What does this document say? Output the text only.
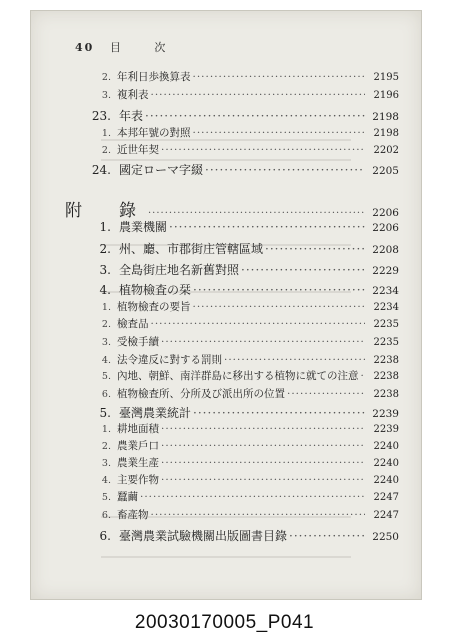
40 目	次
2. 年利日歩換算表 ·····	2195
3. 複利表 ·····	2196
23. 年表 ·····	2198
1. 本邦年號の對照 ·····	2198
2. 近世年契 ·····	2202
24. 國定ローマ字綴 ·····	2205
附　錄 ·····	2206
1. 農業機關 ·····	2206
2. 州、廳、市郡街庄管轄區域 ·····	2208
3. 全島街庄地名新舊對照 ·····	2229
4. 植物檢査の栞 ·····	2234
1. 植物檢査の要旨 ·····	2234
2. 檢査品 ·····	2235
3. 受檢手續 ·····	2235
4. 法令違反に對する罰則 ·····	2238
5. 內地、朝鮮、南洋群島に移出する植物に就ての注意 ·····	2238
6. 植物檢査所、分所及び派出所の位置 ·····	2238
5. 臺灣農業統計 ·····	2239
1. 耕地面積 ·····	2239
2. 農業戶口 ·····	2240
3. 農業生產 ·····	2240
4. 主要作物 ·····	2240
5. 蠶繭 ·····	2247
6. 畜產物 ·····	2247
6. 臺灣農業試驗機關出版圖書目錄 ·····	2250
20030170005_P041
